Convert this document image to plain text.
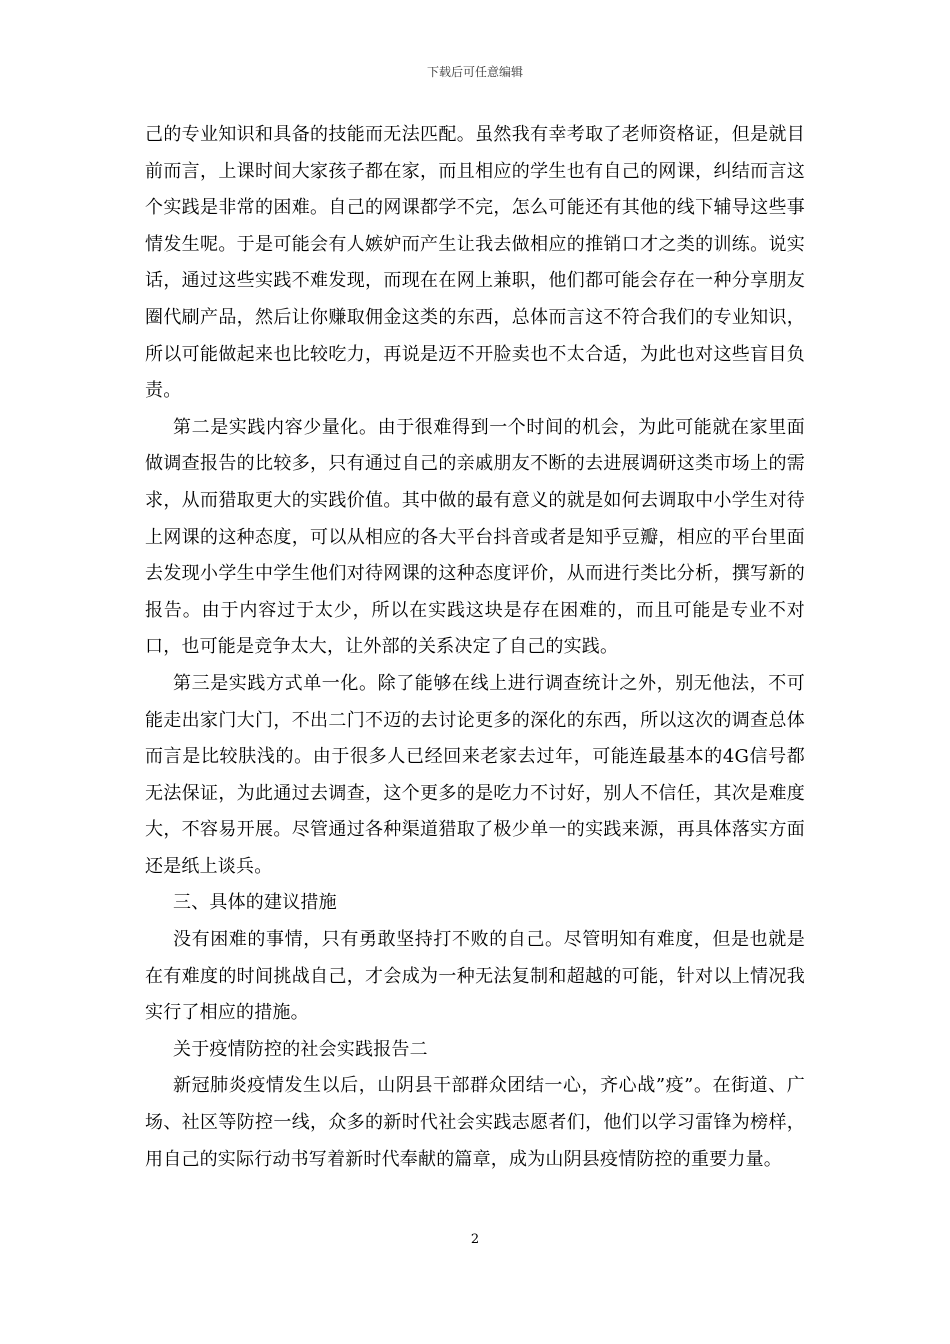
下载后可任意编辑

己的专业知识和具备的技能而无法匹配。虽然我有幸考取了老师资格证，但是就目前而言，上课时间大家孩子都在家，而且相应的学生也有自己的网课，纠结而言这个实践是非常的困难。自己的网课都学不完，怎么可能还有其他的线下辅导这些事情发生呢。于是可能会有人嫉妒而产生让我去做相应的推销口才之类的训练。说实话，通过这些实践不难发现，而现在在网上兼职，他们都可能会存在一种分享朋友圈代刷产品，然后让你赚取佣金这类的东西，总体而言这不符合我们的专业知识，所以可能做起来也比较吃力，再说是迈不开脸卖也不太合适，为此也对这些盲目负责。

第二是实践内容少量化。由于很难得到一个时间的机会，为此可能就在家里面做调查报告的比较多，只有通过自己的亲戚朋友不断的去进展调研这类市场上的需求，从而猎取更大的实践价值。其中做的最有意义的就是如何去调取中小学生对待上网课的这种态度，可以从相应的各大平台抖音或者是知乎豆瓣，相应的平台里面去发现小学生中学生他们对待网课的这种态度评价，从而进行类比分析，撰写新的报告。由于内容过于太少，所以在实践这块是存在困难的，而且可能是专业不对口，也可能是竞争太大，让外部的关系决定了自己的实践。

第三是实践方式单一化。除了能够在线上进行调查统计之外，别无他法，不可能走出家门大门，不出二门不迈的去讨论更多的深化的东西，所以这次的调查总体而言是比较肤浅的。由于很多人已经回来老家去过年，可能连最基本的4G信号都无法保证，为此通过去调查，这个更多的是吃力不讨好，别人不信任，其次是难度大，不容易开展。尽管通过各种渠道猎取了极少单一的实践来源，再具体落实方面还是纸上谈兵。

三、具体的建议措施

没有困难的事情，只有勇敢坚持打不败的自己。尽管明知有难度，但是也就是在有难度的时间挑战自己，才会成为一种无法复制和超越的可能，针对以上情况我实行了相应的措施。

关于疫情防控的社会实践报告二

新冠肺炎疫情发生以后，山阴县干部群众团结一心，齐心战”疫”。在街道、广场、社区等防控一线，众多的新时代社会实践志愿者们，他们以学习雷锋为榜样，用自己的实际行动书写着新时代奉献的篇章，成为山阴县疫情防控的重要力量。

2
